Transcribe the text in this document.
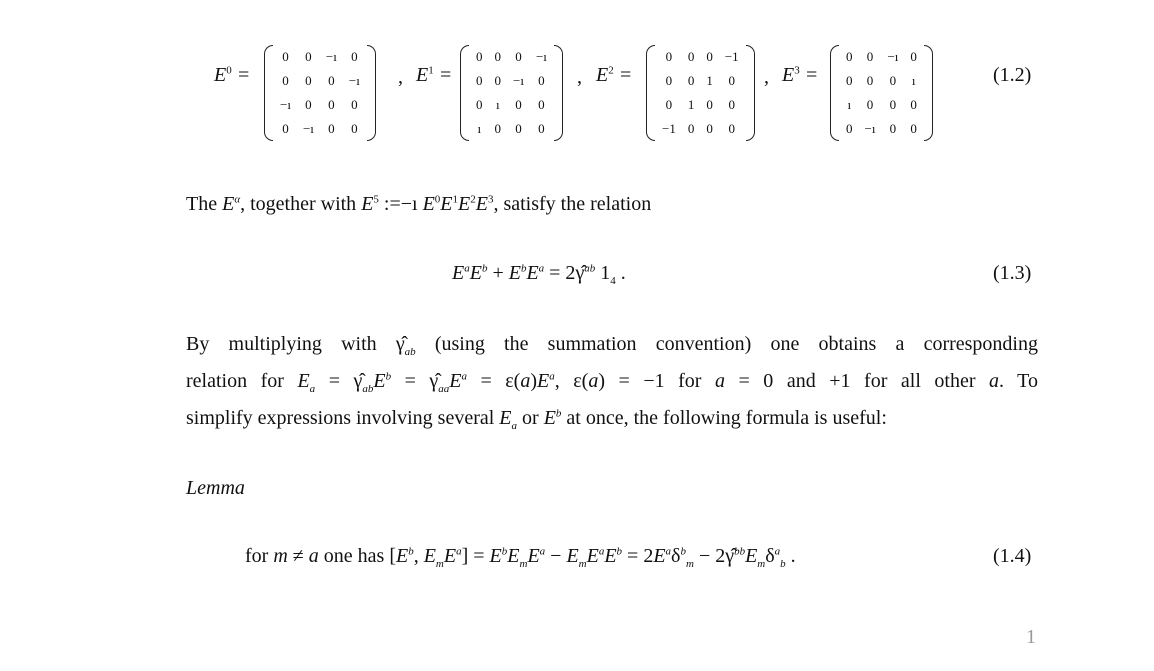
$E^0$ =
0	0	−ı	0
0	0	0	−ı
−ı	0	0	0
0	−ı	0	0
, $E^1$ =
0	0	0	−ı
0	0	−ı	0
0	ı	0	0
ı	0	0	0
, $E^2$ =
0	0	0	−1
0	0	1	0
0	1	0	0
−1	0	0	0
, $E^3$ =
0	0	−ı	0
0	0	0	ı
ı	0	0	0
0	−ı	0	0
(1.2)
The $E^\alpha$, together with $E^5$ :=−ı $E^0E^1E^2E^3$, satisfy the relation
$E^aE^b + E^bE^a$ = 2γ̂$^{ab}$ $1_4$ .	(1.3)
By multiplying with $\gammâ_{ab}$ (using the summation convention) one obtains a corresponding
relation for $E_a$ = $\gammâ_{ab}E^b$ = $\gammâ_{aa}E^a = \varepsilon(a)E^a$, ε(a) = −1 for a = 0 and +1 for all other a. To
simplify expressions involving several $E_a$ or $E^b$ at once, the following formula is useful:
Lemma
for m ≠ a one has [$E^b$, $E_mE^a] = E^bE_mE^a - E_mE^aE^b = 2E^a\delta^b_m$ − $2\gammâ^{bb}E_m\delta^a_b$ .	(1.4)
1
